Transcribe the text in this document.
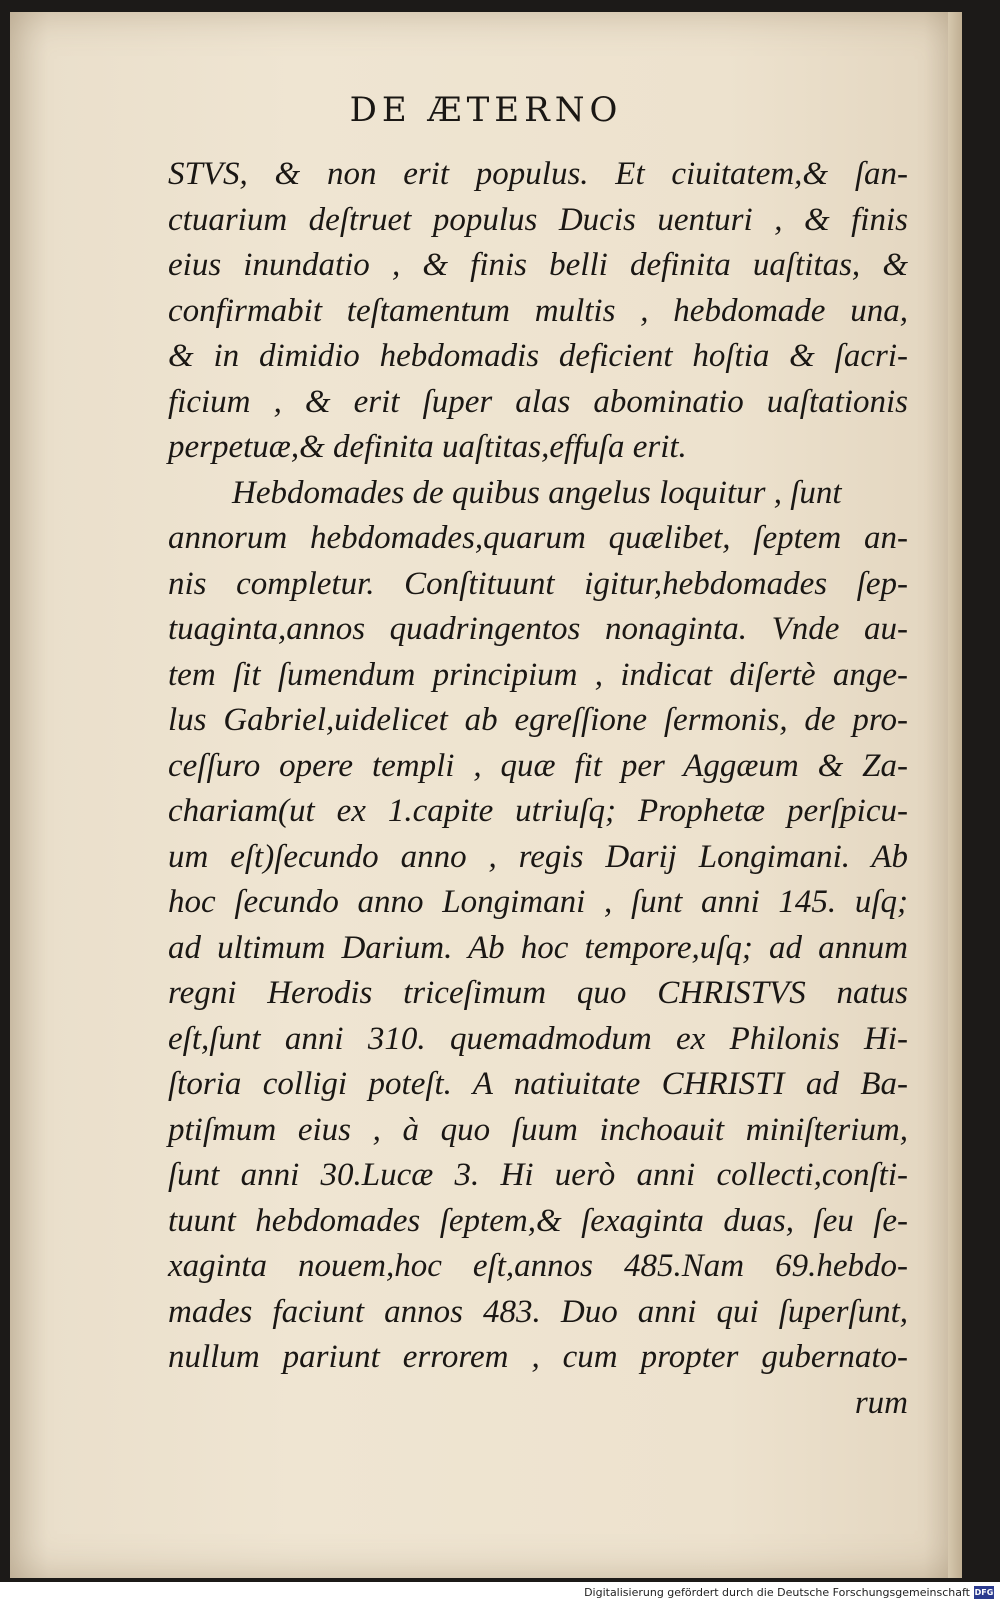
DE ÆTERNO
STVS, & non erit populus. Et ciuitatem,& ſan-
ctuarium deſtruet populus Ducis uenturi , & finis
eius inundatio , & finis belli definita uaſtitas, &
confirmabit teſtamentum multis , hebdomade una,
& in dimidio hebdomadis deficient hoſtia & ſacri-
ficium , & erit ſuper alas abominatio uaſtationis
perpetuæ,& definita uaſtitas,effuſa erit.
Hebdomades de quibus angelus loquitur , ſunt
annorum hebdomades,quarum quælibet, ſeptem an-
nis completur. Conſtituunt igitur,hebdomades ſep-
tuaginta,annos quadringentos nonaginta. Vnde au-
tem ſit ſumendum principium , indicat diſertè ange-
lus Gabriel,uidelicet ab egreſſione ſermonis, de pro-
ceſſuro opere templi , quæ fit per Aggæum & Za-
chariam(ut ex 1.capite utriuſq; Prophetæ perſpicu-
um eſt)ſecundo anno , regis Darij Longimani. Ab
hoc ſecundo anno Longimani , ſunt anni 145. uſq;
ad ultimum Darium. Ab hoc tempore,uſq; ad annum
regni Herodis triceſimum quo CHRISTVS natus
eſt,ſunt anni 310. quemadmodum ex Philonis Hi-
ſtoria colligi poteſt. A natiuitate CHRISTI ad Ba-
ptiſmum eius , à quo ſuum inchoauit miniſterium,
ſunt anni 30.Lucæ 3. Hi uerò anni collecti,conſti-
tuunt hebdomades ſeptem,& ſexaginta duas, ſeu ſe-
xaginta nouem,hoc eſt,annos 485.Nam 69.hebdo-
mades faciunt annos 483. Duo anni qui ſuperſunt,
nullum pariunt errorem , cum propter gubernato-
rum
Digitalisierung gefördert durch die Deutsche Forschungsgemeinschaft DFG
